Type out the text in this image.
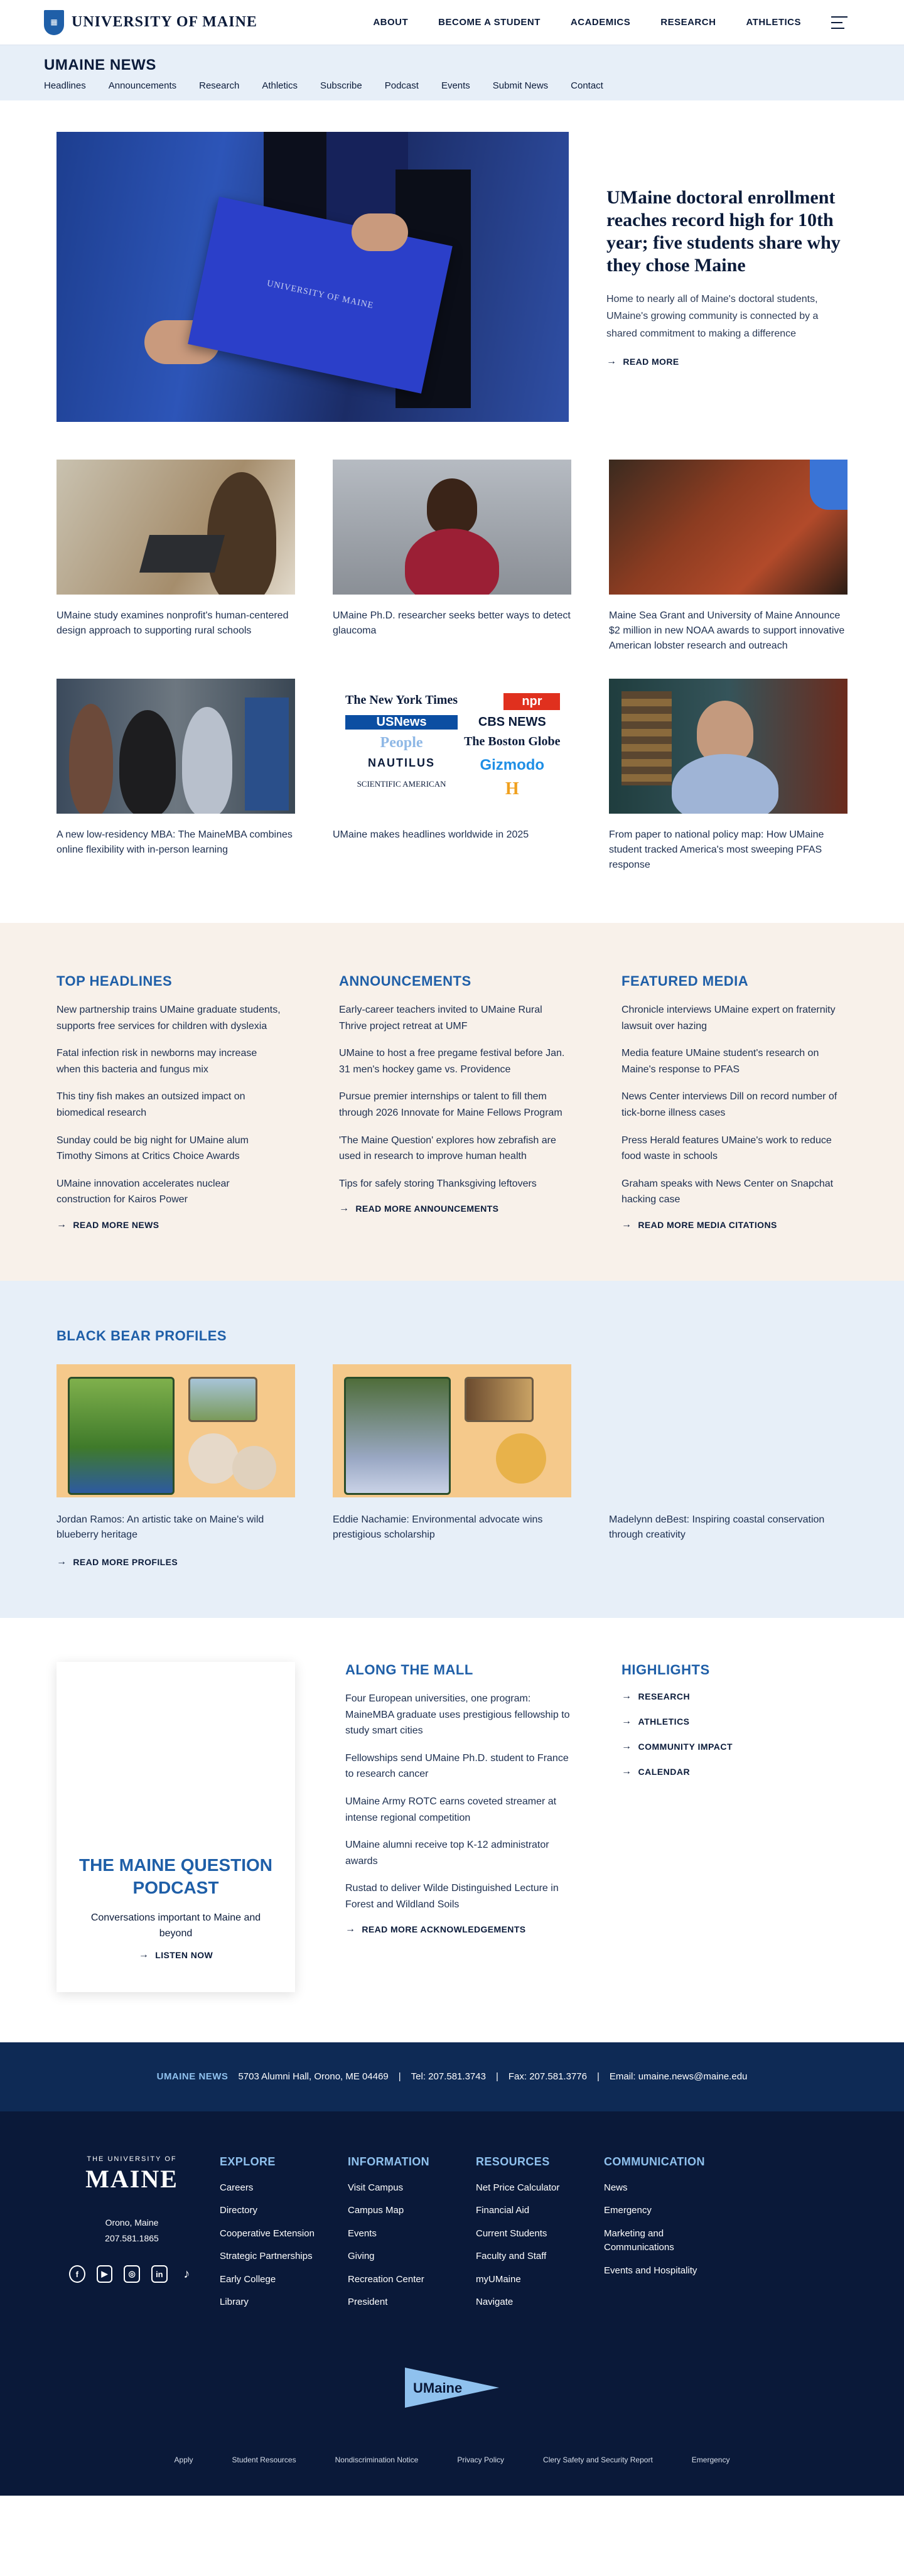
▦ UNIVERSITY OF MAINE	ABOUT	BECOME A STUDENT	ACADEMICS	RESEARCH	ATHLETICS
UMAINE NEWS
Headlines Announcements Research Athletics Subscribe Podcast Events Submit News Contact
UNIVERSITY OF MAINE
UMaine doctoral enrollment reaches record high for 10th year; five students share why they chose Maine

Home to nearly all of Maine's doctoral students, UMaine's growing community is connected by a shared commitment to making a difference

→ READ MORE

UMaine study examines nonprofit's human-centered design approach to supporting rural schools

UMaine Ph.D. researcher seeks better ways to detect glaucoma

Maine Sea Grant and University of Maine Announce $2 million in new NOAA awards to support innovative American lobster research and outreach

A new low-residency MBA: The MaineMBA combines online flexibility with in-person learning

The New York Times	npr
USNews	CBS NEWS
People	The Boston Globe
NAUTILUS	Gizmodo
SCIENTIFIC AMERICAN	H

UMaine makes headlines worldwide in 2025	From paper to national policy map: How UMaine student tracked America's most sweeping PFAS response

TOP HEADLINES

New partnership trains UMaine graduate students, supports free services for children with dyslexia

Fatal infection risk in newborns may increase when this bacteria and fungus mix

This tiny fish makes an outsized impact on biomedical research

Sunday could be big night for UMaine alum Timothy Simons at Critics Choice Awards

UMaine innovation accelerates nuclear construction for Kairos Power

→ READ MORE NEWS
ANNOUNCEMENTS

Early-career teachers invited to UMaine Rural Thrive project retreat at UMF

UMaine to host a free pregame festival before Jan. 31 men's hockey game vs. Providence

Pursue premier internships or talent to fill them through 2026 Innovate for Maine Fellows Program

'The Maine Question' explores how zebrafish are used in research to improve human health

Tips for safely storing Thanksgiving leftovers

→ READ MORE ANNOUNCEMENTS
FEATURED MEDIA

Chronicle interviews UMaine expert on fraternity lawsuit over hazing

Media feature UMaine student's research on Maine's response to PFAS

News Center interviews Dill on record number of tick-borne illness cases

Press Herald features UMaine's work to reduce food waste in schools

Graham speaks with News Center on Snapchat hacking case

→ READ MORE MEDIA CITATIONS
BLACK BEAR PROFILES

Jordan Ramos: An artistic take on Maine's wild blueberry heritage

Eddie Nachamie: Environmental advocate wins prestigious scholarship

Madelynn deBest: Inspiring coastal conservation through creativity

→ READ MORE PROFILES
THE MAINE QUESTION PODCAST

Conversations important to Maine and beyond

→ LISTEN NOW
ALONG THE MALL

Four European universities, one program: MaineMBA graduate uses prestigious fellowship to study smart cities

Fellowships send UMaine Ph.D. student to France to research cancer

UMaine Army ROTC earns coveted streamer at intense regional competition

UMaine alumni receive top K-12 administrator awards

Rustad to deliver Wilde Distinguished Lecture in Forest and Wildland Soils

→ READ MORE ACKNOWLEDGEMENTS
HIGHLIGHTS
→ RESEARCH
→ ATHLETICS
→ COMMUNITY IMPACT
→ CALENDAR
UMAINE NEWS 5703 Alumni Hall, Orono, ME 04469 | Tel: 207.581.3743 | Fax: 207.581.3776 | Email: umaine.news@maine.edu
THE UNIVERSITY OF
MAINE
Orono, Maine
207.581.1865
f	▶	◎	in	♪
EXPLORE
Careers
Directory
Cooperative Extension
Strategic Partnerships
Early College
Library
INFORMATION
Visit Campus
Campus Map
Events
Giving
Recreation Center
President
RESOURCES
Net Price Calculator
Financial Aid
Current Students
Faculty and Staff
myUMaine
Navigate
COMMUNICATION
News
Emergency
Marketing and Communications
Events and Hospitality
UMaine
Apply	Student Resources	Nondiscrimination Notice	Privacy Policy	Clery Safety and Security Report	Emergency
